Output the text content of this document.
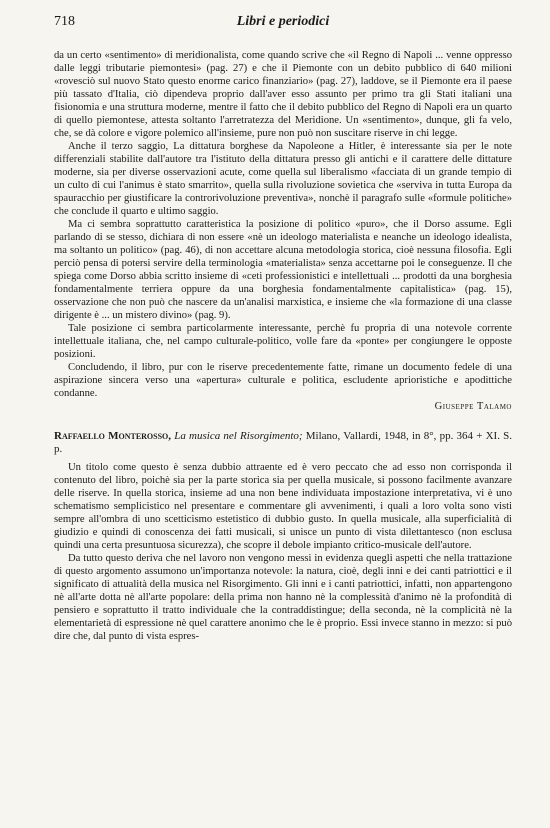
718	Libri e periodici

da un certo «sentimento» di meridionalista, come quando scrive che «il Regno di Napoli ... venne oppresso dalle leggi tributarie piemontesi» (pag. 27) e che il Piemonte con un debito pubblico di 640 milioni «rovesciò sul nuovo Stato questo enorme carico finanziario» (pag. 27), laddove, se il Piemonte era il paese più tassato d'Italia, ciò dipendeva proprio dall'aver esso assunto per primo tra gli Stati italiani una fisionomia e una struttura moderne, mentre il fatto che il debito pubblico del Regno di Napoli era un quarto di quello piemontese, attesta soltanto l'arretratezza del Meridione. Un «sentimento», dunque, gli fa velo, che, se dà colore e vigore polemico all'insieme, pure non può non suscitare riserve in chi legge.

Anche il terzo saggio, La dittatura borghese da Napoleone a Hitler, è interessante sia per le note differenziali stabilite dall'autore tra l'istituto della dittatura presso gli antichi e il carattere delle dittature moderne, sia per diverse osservazioni acute, come quella sul liberalismo «facciata di un grande tempio di un culto di cui l'animus è stato smarrito», quella sulla rivoluzione sovietica che «serviva in tutta Europa da spauracchio per giustificare la controrivoluzione preventiva», nonchè il paragrafo sulle «formule politiche» che conclude il quarto e ultimo saggio.

Ma ci sembra soprattutto caratteristica la posizione di politico «puro», che il Dorso assume. Egli parlando di se stesso, dichiara di non essere «nè un ideologo materialista e neanche un ideologo idealista, ma soltanto un politico» (pag. 46), di non accettare alcuna metodologia storica, cioè nessuna filosofia. Egli perciò pensa di potersi servire della terminologia «materialista» senza accettarne poi le conseguenze. Il che spiega come Dorso abbia scritto insieme di «ceti professionistici e intellettuali ... prodotti da una borghesia fondamentalmente terriera oppure da una borghesia fondamentalmente capitalistica» (pag. 15), osservazione che non può che nascere da un'analisi marxistica, e insieme che «la formazione di una classe dirigente è ... un mistero divino» (pag. 9).

Tale posizione ci sembra particolarmente interessante, perchè fu propria di una notevole corrente intellettuale italiana, che, nel campo culturale-politico, volle fare da «ponte» per congiungere le opposte posizioni.

Concludendo, il libro, pur con le riserve precedentemente fatte, rimane un documento fedele di una aspirazione sincera verso una «apertura» culturale e politica, escludente aprioristiche e apodittiche condanne.

Giuseppe Talamo

Raffaello Monterosso, La musica nel Risorgimento; Milano, Vallardi, 1948, in 8°, pp. 364 + XI. S. p.

Un titolo come questo è senza dubbio attraente ed è vero peccato che ad esso non corrisponda il contenuto del libro, poichè sia per la parte storica sia per quella musicale, si possono facilmente avanzare delle riserve. In quella storica, insieme ad una non bene individuata impostazione interpretativa, vi è uno schematismo semplicistico nel presentare e commentare gli avvenimenti, i quali a loro volta sono visti sempre all'ombra di uno scetticismo estetistico di dubbio gusto. In quella musicale, alla superficialità di giudizio e quindi di conoscenza dei fatti musicali, si unisce un punto di vista dilettantesco (non esclusa quindi una certa presuntuosa sicurezza), che scopre il debole impianto critico-musicale dell'autore.

Da tutto questo deriva che nel lavoro non vengono messi in evidenza quegli aspetti che nella trattazione di questo argomento assumono un'importanza notevole: la natura, cioè, degli inni e dei canti patriottici e il significato di attualità della musica nel Risorgimento. Gli inni e i canti patriottici, infatti, non appartengono nè all'arte dotta nè all'arte popolare: della prima non hanno nè la complessità d'animo nè la profondità di pensiero e soprattutto il tratto individuale che la contraddistingue; della seconda, nè la complicità nè la elementarietà di espressione nè quel carattere anonimo che le è proprio. Essi invece stanno in mezzo: si può dire che, dal punto di vista espres-
